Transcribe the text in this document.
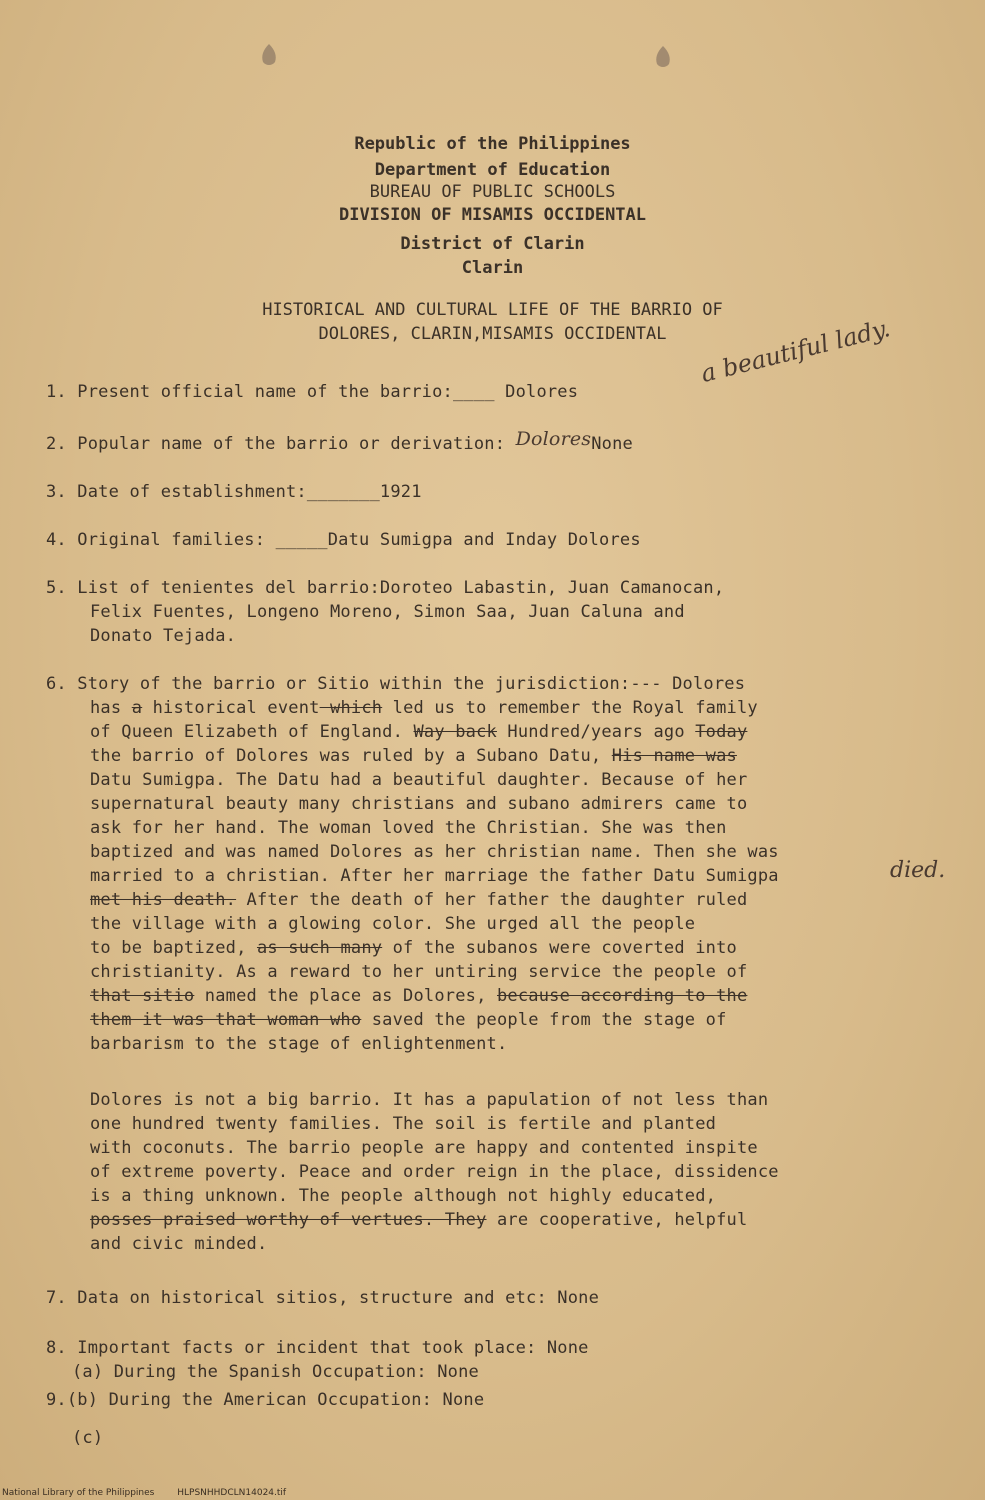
Republic of the Philippines
Department of Education
BUREAU OF PUBLIC SCHOOLS
DIVISION OF MISAMIS OCCIDENTAL
District of Clarin
Clarin
HISTORICAL AND CULTURAL LIFE OF THE BARRIO OF
DOLORES, CLARIN,MISAMIS OCCIDENTAL
1. Present official name of the barrio:____ Dolores
a beautiful lady.
2. Popular name of the barrio or derivation: DoloresNone
3. Date of establishment:_______1921
4. Original families: _____Datu Sumigpa and Inday Dolores
5. List of tenientes del barrio:Doroteo Labastin, Juan Camanocan,
Felix Fuentes, Longeno Moreno, Simon Saa, Juan Caluna and
Donato Tejada.
6. Story of the barrio or Sitio within the jurisdiction:--- Dolores
has a historical event which led us to remember the Royal family
of Queen Elizabeth of England. Way back Hundred/years ago Today
the barrio of Dolores was ruled by a Subano Datu, His name was
Datu Sumigpa. The Datu had a beautiful daughter. Because of her
supernatural beauty many christians and subano admirers came to
ask for her hand. The woman loved the Christian. She was then
baptized and was named Dolores as her christian name. Then she was
married to a christian. After her marriage the father Datu Sumigpa	died.
met his death. After the death of her father the daughter ruled
the village with a glowing color. She urged all the people
to be baptized, as such many of the subanos were coverted into
christianity. As a reward to her untiring service the people of
that sitio named the place as Dolores, because according to the
them it was that woman who saved the people from the stage of
barbarism to the stage of enlightenment.
Dolores is not a big barrio. It has a papulation of not less than
one hundred twenty families. The soil is fertile and planted
with coconuts. The barrio people are happy and contented inspite
of extreme poverty. Peace and order reign in the place, dissidence
is a thing unknown. The people although not highly educated,
posses praised worthy of vertues. They are cooperative, helpful
and civic minded.
7. Data on historical sitios, structure and etc: None
8. Important facts or incident that took place: None
(a) During the Spanish Occupation: None
9.(b) During the American Occupation: None
(c)
National Library of the Philippines	HLPSNHHDCLN14024.tif
